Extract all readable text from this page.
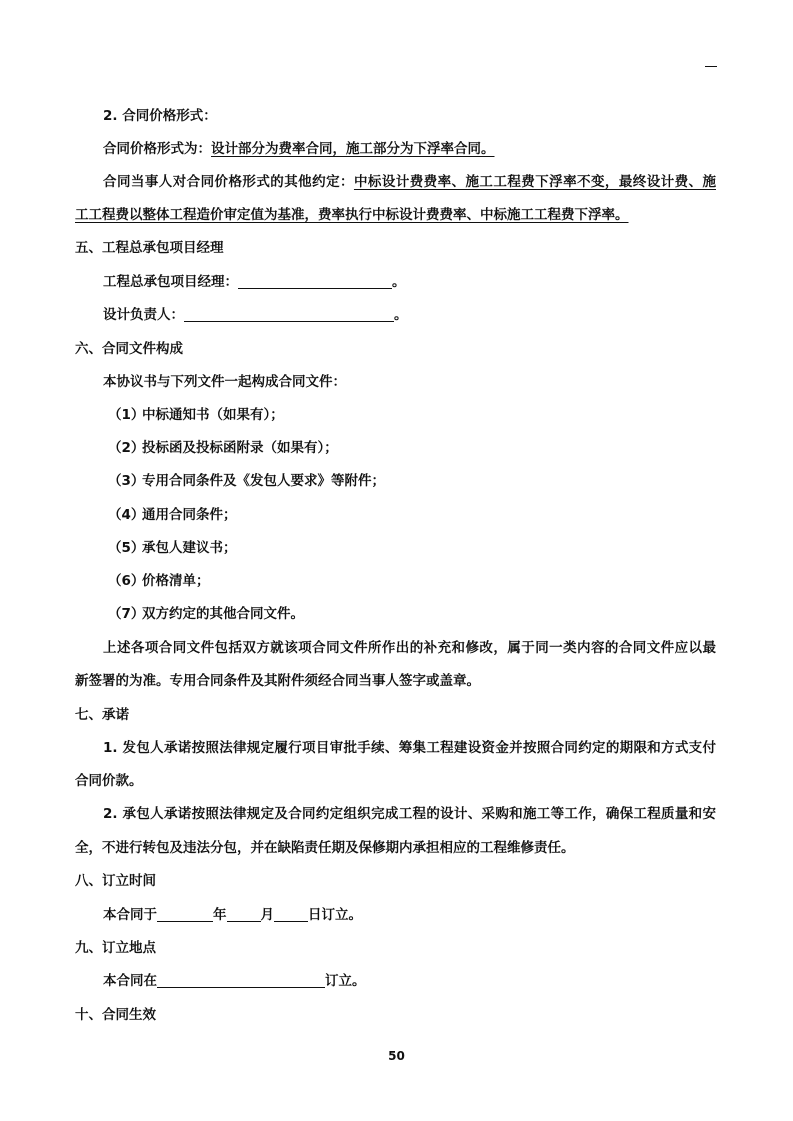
2. 合同价格形式：
合同价格形式为：设计部分为费率合同，施工部分为下浮率合同。
合同当事人对合同价格形式的其他约定：中标设计费费率、施工工程费下浮率不变，最终设计费、施
工工程费以整体工程造价审定值为基准，费率执行中标设计费费率、中标施工工程费下浮率。
五、工程总承包项目经理
工程总承包项目经理：	。
设计负责人：	。
六、合同文件构成
本协议书与下列文件一起构成合同文件：
（1）中标通知书（如果有）；
（2）投标函及投标函附录（如果有）；
（3）专用合同条件及《发包人要求》等附件；
（4）通用合同条件；
（5）承包人建议书；
（6）价格清单；
（7）双方约定的其他合同文件。
上述各项合同文件包括双方就该项合同文件所作出的补充和修改，属于同一类内容的合同文件应以最
新签署的为准。专用合同条件及其附件须经合同当事人签字或盖章。
七、承诺
1. 发包人承诺按照法律规定履行项目审批手续、筹集工程建设资金并按照合同约定的期限和方式支付
合同价款。
2. 承包人承诺按照法律规定及合同约定组织完成工程的设计、采购和施工等工作，确保工程质量和安
全，不进行转包及违法分包，并在缺陷责任期及保修期内承担相应的工程维修责任。
八、订立时间
本合同于	年	月	日订立。
九、订立地点
本合同在	订立。
十、合同生效
50
